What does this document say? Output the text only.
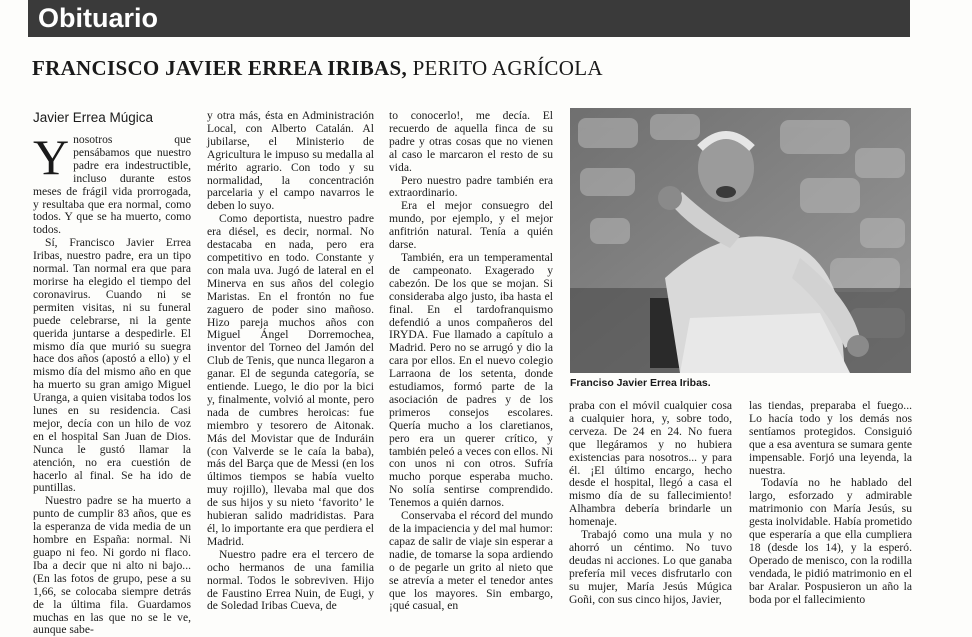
Obituario
FRANCISCO JAVIER ERREA IRIBAS, PERITO AGRÍCOLA
Javier Errea Múgica

Ynosotros que pensábamos que nuestro padre era indestructible, incluso durante estos meses de frágil vida prorrogada, y resultaba que era normal, como todos. Y que se ha muerto, como todos.

Sí, Francisco Javier Errea Iribas, nuestro padre, era un tipo normal. Tan normal era que para morirse ha elegido el tiempo del coronavirus. Cuando ni se permiten visitas, ni su funeral puede celebrarse, ni la gente querida juntarse a despedirle. El mismo día que murió su suegra hace dos años (apostó a ello) y el mismo día del mismo año en que ha muerto su gran amigo Miguel Uranga, a quien visitaba todos los lunes en su residencia. Casi mejor, decía con un hilo de voz en el hospital San Juan de Dios. Nunca le gustó llamar la atención, no era cuestión de hacerlo al final. Se ha ido de puntillas.

Nuestro padre se ha muerto a punto de cumplir 83 años, que es la esperanza de vida media de un hombre en España: normal. Ni guapo ni feo. Ni gordo ni flaco. Iba a decir que ni alto ni bajo... (En las fotos de grupo, pese a su 1,66, se colocaba siempre detrás de la última fila. Guardamos muchas en las que no se le ve, aunque sabe-

y otra más, ésta en Administración Local, con Alberto Catalán. Al jubilarse, el Ministerio de Agricultura le impuso su medalla al mérito agrario. Con todo y su normalidad, la concentración parcelaria y el campo navarros le deben lo suyo.

Como deportista, nuestro padre era diésel, es decir, normal. No destacaba en nada, pero era competitivo en todo. Constante y con mala uva. Jugó de lateral en el Minerva en sus años del colegio Maristas. En el frontón no fue zaguero de poder sino mañoso. Hizo pareja muchos años con Miguel Ángel Dorremochea, inventor del Torneo del Jamón del Club de Tenis, que nunca llegaron a ganar. El de segunda categoría, se entiende. Luego, le dio por la bici y, finalmente, volvió al monte, pero nada de cumbres heroicas: fue miembro y tesorero de Aitonak. Más del Movistar que de Induráin (con Valverde se le caía la baba), más del Barça que de Messi (en los últimos tiempos se había vuelto muy rojillo), llevaba mal que dos de sus hijos y su nieto ‘favorito’ le hubieran salido madridistas. Para él, lo importante era que perdiera el Madrid.

Nuestro padre era el tercero de ocho hermanos de una familia normal. Todos le sobreviven. Hijo de Faustino Errea Nuin, de Eugi, y de Soledad Iribas Cueva, de

to conocerlo!, me decía. El recuerdo de aquella finca de su padre y otras cosas que no vienen al caso le marcaron el resto de su vida.

Pero nuestro padre también era extraordinario.

Era el mejor consuegro del mundo, por ejemplo, y el mejor anfitrión natural. Tenía a quién darse.

También, era un temperamental de campeonato. Exagerado y cabezón. De los que se mojan. Si consideraba algo justo, iba hasta el final. En el tardofranquismo defendió a unos compañeros del IRYDA. Fue llamado a capítulo a Madrid. Pero no se arrugó y dio la cara por ellos. En el nuevo colegio Larraona de los setenta, donde estudiamos, formó parte de la asociación de padres y de los primeros consejos escolares. Quería mucho a los claretianos, pero era un querer crítico, y también peleó a veces con ellos. Ni con unos ni con otros. Sufría mucho porque esperaba mucho. No solía sentirse comprendido. Tenemos a quién darnos.

Conservaba el récord del mundo de la impaciencia y del mal humor: capaz de salir de viaje sin esperar a nadie, de tomarse la sopa ardiendo o de pegarle un grito al nieto que se atrevía a meter el tenedor antes que los mayores. Sin embargo, ¡qué casual, en

Franciso Javier Errea Iribas.

praba con el móvil cualquier cosa a cualquier hora, y, sobre todo, cerveza. De 24 en 24. No fuera que llegáramos y no hubiera existencias para nosotros... y para él. ¡El último encargo, hecho desde el hospital, llegó a casa el mismo día de su fallecimiento! Alhambra debería brindarle un homenaje.

Trabajó como una mula y no ahorró un céntimo. No tuvo deudas ni acciones. Lo que ganaba prefería mil veces disfrutarlo con su mujer, María Jesús Múgica Goñi, con sus cinco hijos, Javier,

las tiendas, preparaba el fuego... Lo hacía todo y los demás nos sentíamos protegidos. Consiguió que a esa aventura se sumara gente impensable. Forjó una leyenda, la nuestra.

Todavía no he hablado del largo, esforzado y admirable matrimonio con María Jesús, su gesta inolvidable. Había prometido que esperaría a que ella cumpliera 18 (desde los 14), y la esperó. Operado de menisco, con la rodilla vendada, le pidió matrimonio en el bar Aralar. Pospusieron un año la boda por el fallecimiento
